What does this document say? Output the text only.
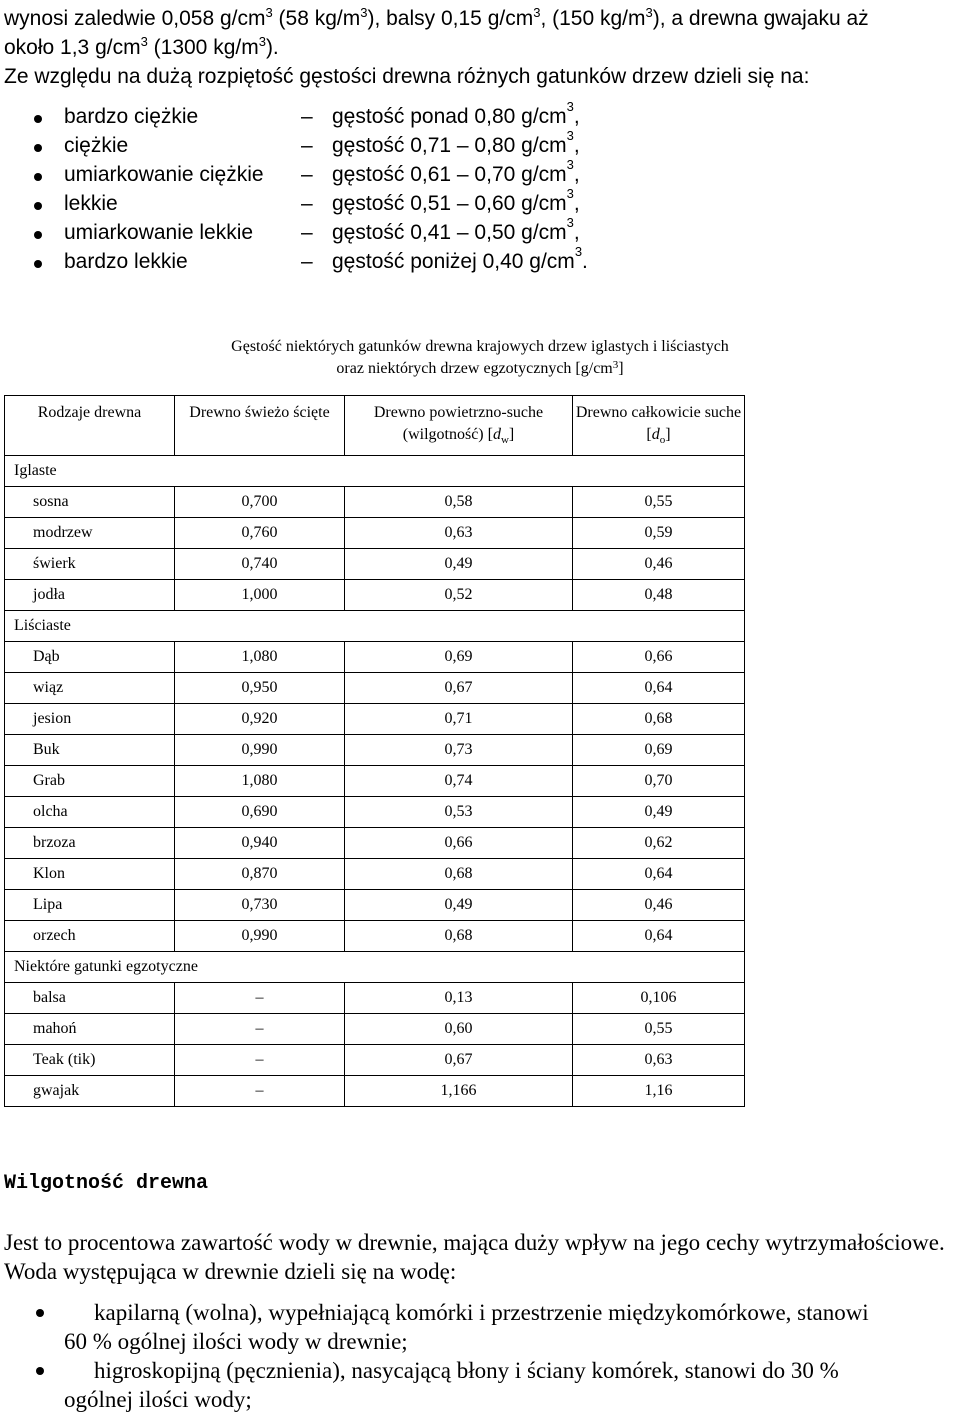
wynosi zaledwie 0,058 $g/cm^3$ (58 $kg/m^3$), balsy 0,15 $g/cm^3$, (150 $kg/m^3$), a drewna gwajaku aż
około 1,3 $g/cm^3$ (1300 $kg/m^3$).
Ze względu na dużą rozpiętość gęstości drewna różnych gatunków drzew dzieli się na:
bardzo ciężkie	– gęstość ponad 0,80 $g/cm^3$,
ciężkie	– gęstość 0,71 – 0,80 $g/cm^3$,
umiarkowanie ciężkie – gęstość 0,61 – 0,70 $g/cm^3$,
lekkie	– gęstość 0,51 – 0,60 $g/cm^3$,
umiarkowanie lekkie – gęstość 0,41 – 0,50 $g/cm^3$,
bardzo lekkie	– gęstość poniżej 0,40 $g/cm^3$.
Gęstość niektórych gatunków drewna krajowych drzew iglastych i liściastych
oraz niektórych drzew egzotycznych $[g/cm^3]$
Rodzaje drewna	Drewno świeżo ścięte	Drewno powietrzno-suche (wilgotność) $[d_w]$	Drewno całkowicie suche $[d_o]$
Iglaste			
sosna	0,700	0,58	0,55
modrzew	0,760	0,63	0,59
świerk	0,740	0,49	0,46
jodła	1,000	0,52	0,48
Liściaste			
Dąb	1,080	0,69	0,66
wiąz	0,950	0,67	0,64
jesion	0,920	0,71	0,68
Buk	0,990	0,73	0,69
Grab	1,080	0,74	0,70
olcha	0,690	0,53	0,49
brzoza	0,940	0,66	0,62
Klon	0,870	0,68	0,64
Lipa	0,730	0,49	0,46
orzech	0,990	0,68	0,64
Niektóre gatunki egzotyczne			
balsa	–	0,13	0,106
mahoń	–	0,60	0,55
Teak (tik)	–	0,67	0,63
gwajak	–	1,166	1,16
Wilgotność drewna
Jest to procentowa zawartość wody w drewnie, mająca duży wpływ na jego cechy wytrzymałościowe. Woda występująca w drewnie dzieli się na wodę:
kapilarną (wolna), wypełniającą komórki i przestrzenie międzykomórkowe, stanowi
60 % ogólnej ilości wody w drewnie;
higroskopijną (pęcznienia), nasycającą błony i ściany komórek, stanowi do 30 %
ogólnej ilości wody;
